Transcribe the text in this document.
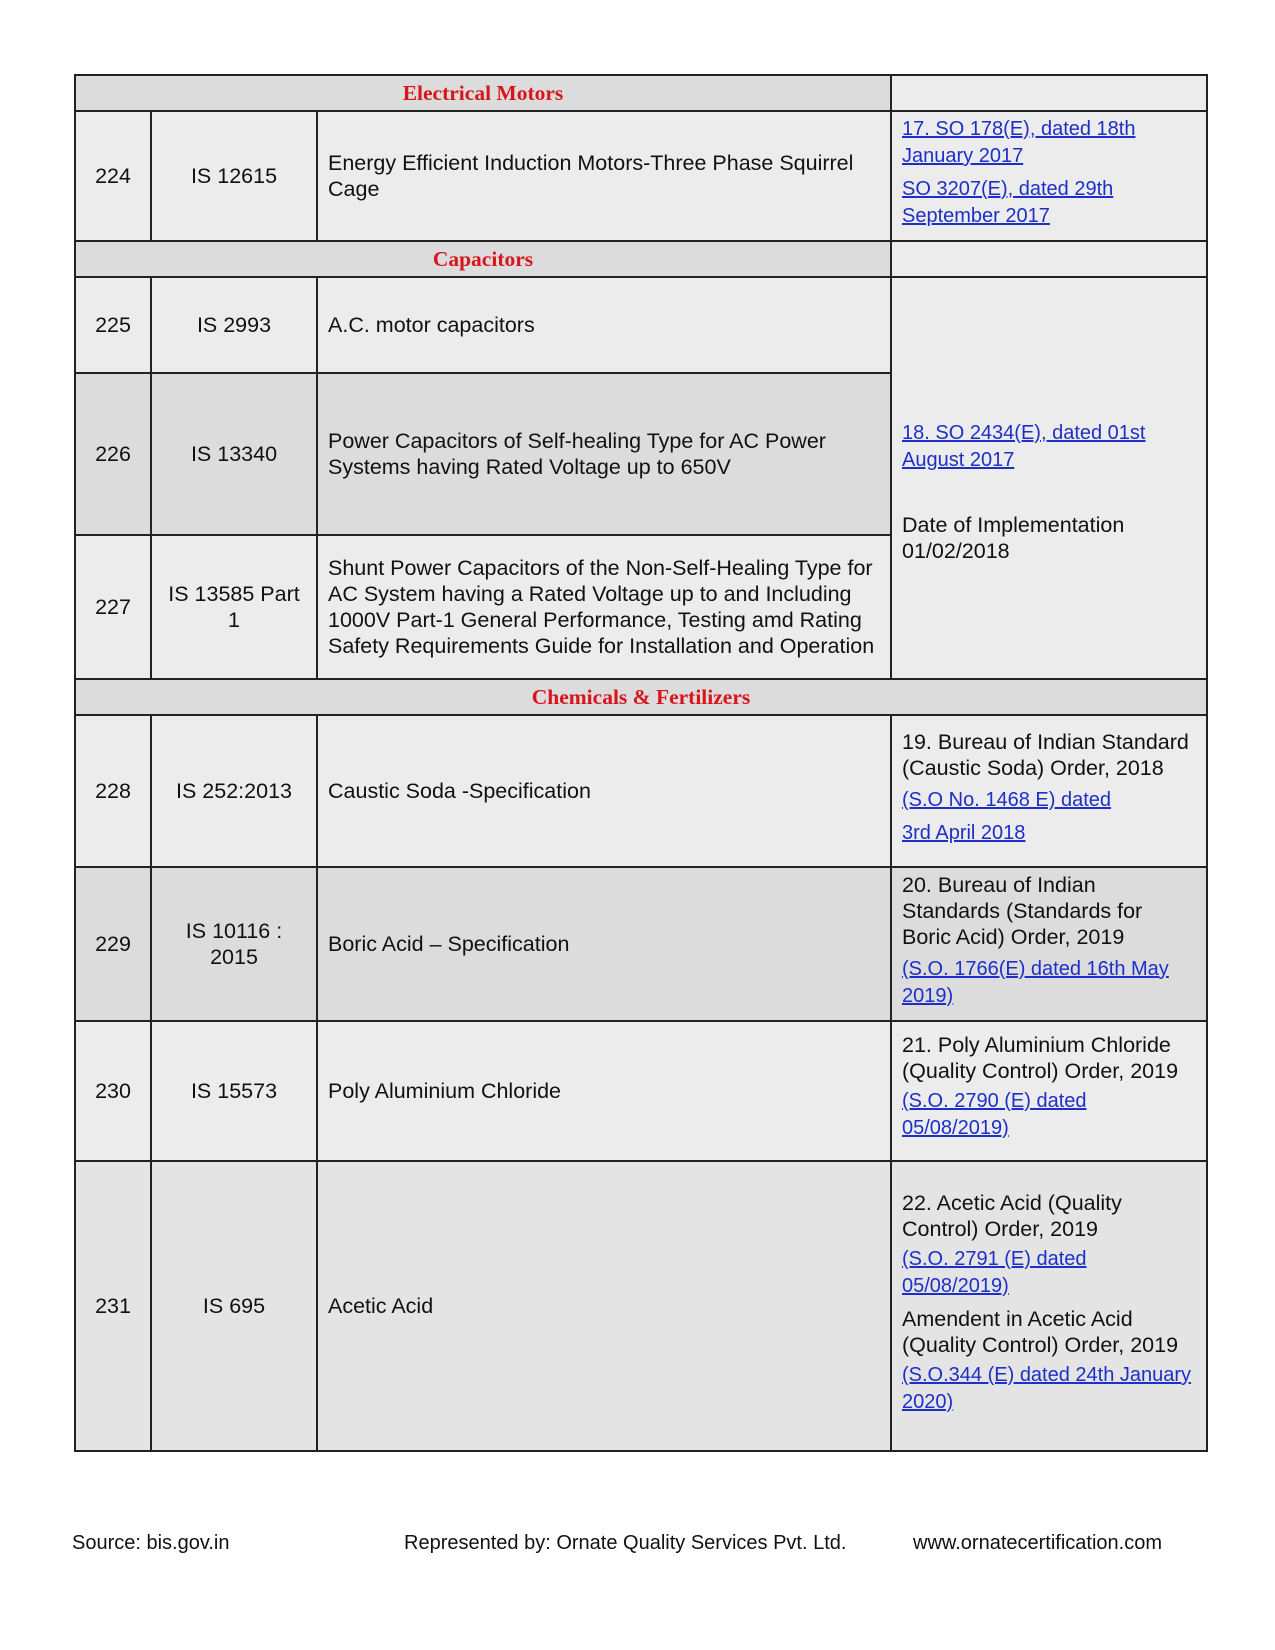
Electrical Motors			
224	IS 12615	Energy Efficient Induction Motors-Three Phase Squirrel Cage	17. SO 178(E), dated 18th January 2017
SO 3207(E), dated 29th September 2017

Capacitors			
225	IS 2993	A.C. motor capacitors	18. SO 2434(E), dated 01st August 2017
Date of Implementation 01/02/2018

226	IS 13340	Power Capacitors of Self-healing Type for AC Power Systems having Rated Voltage up to 650V	
227	IS 13585 Part 1	Shunt Power Capacitors of the Non-Self-Healing Type for AC System having a Rated Voltage up to and Including 1000V Part-1 General Performance, Testing amd Rating Safety Requirements Guide for Installation and Operation	
Chemicals & Fertilizers			
228	IS 252:2013	Caustic Soda -Specification	19. Bureau of Indian Standard (Caustic Soda) Order, 2018
(S.O No. 1468 E) dated
3rd April 2018

229	IS 10116 : 2015	Boric Acid – Specification	20. Bureau of Indian Standards (Standards for Boric Acid) Order, 2019
(S.O. 1766(E) dated 16th May 2019)

230	IS 15573	Poly Aluminium Chloride	21. Poly Aluminium Chloride (Quality Control) Order, 2019
(S.O. 2790 (E) dated 05/08/2019)

231	IS 695	Acetic Acid	22. Acetic Acid (Quality Control) Order, 2019
(S.O. 2791 (E) dated 05/08/2019)
Amendent in Acetic Acid (Quality Control) Order, 2019
(S.O.344 (E) dated 24th January 2020)
Source: bis.gov.in	Represented by: Ornate Quality Services Pvt. Ltd.	www.ornatecertification.com
